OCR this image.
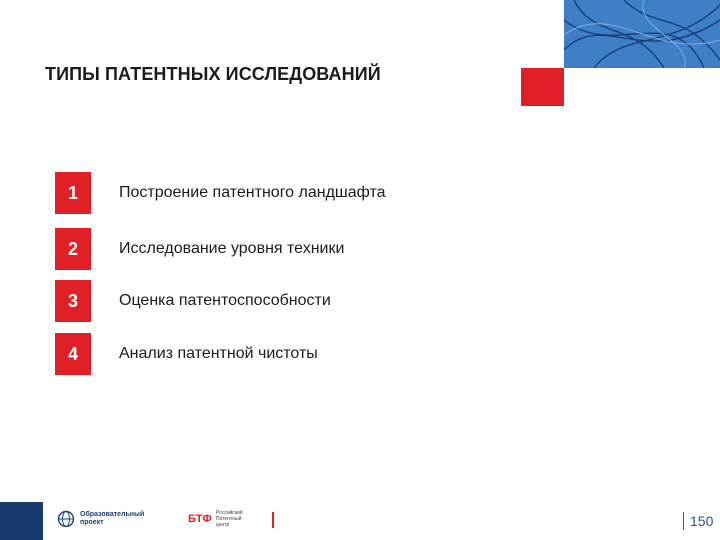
ТИПЫ ПАТЕНТНЫХ ИССЛЕДОВАНИЙ
1	Построение патентного ландшафта
2	Исследование уровня техники
3	Оценка патентоспособности
4	Анализ патентной чистоты
Образовательный
проект	БТФ Российский
Патентный
центр	150
